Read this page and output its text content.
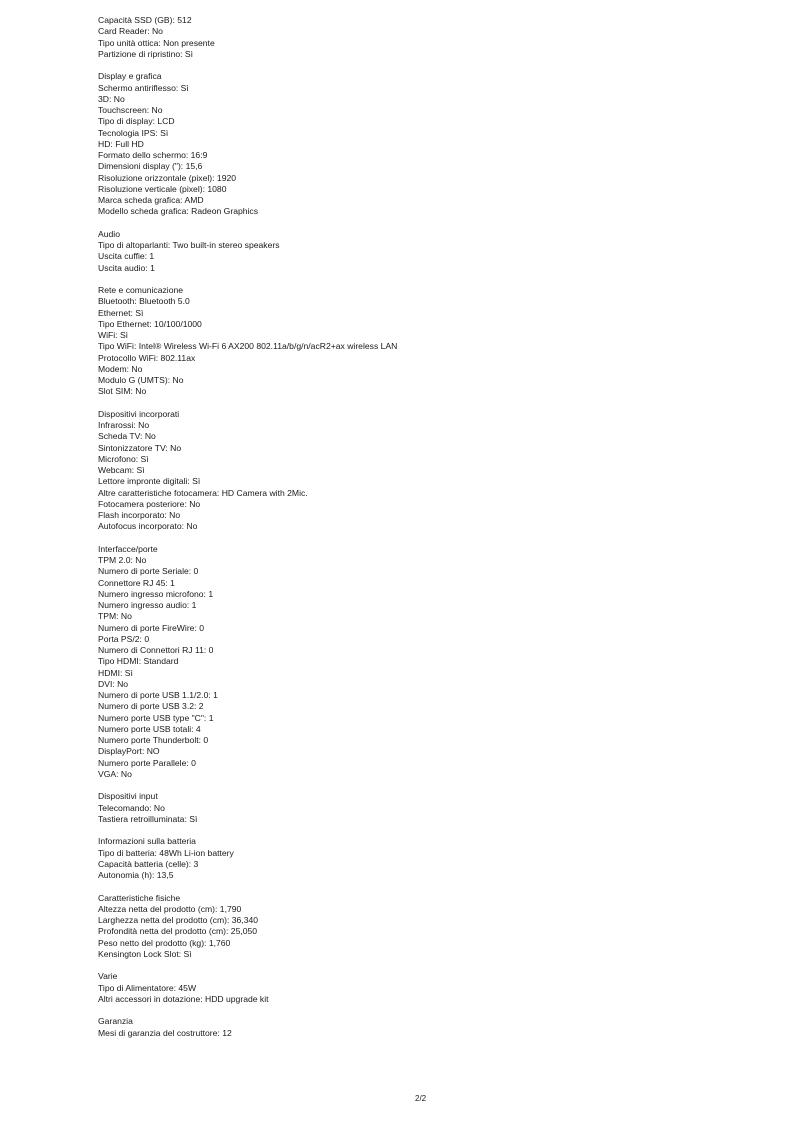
Capacità SSD (GB): 512
Card Reader: No
Tipo unità ottica: Non presente
Partizione di ripristino: Sì
Display e grafica
Schermo antiriflesso: Sì
3D: No
Touchscreen: No
Tipo di display: LCD
Tecnologia IPS: Sì
HD: Full HD
Formato dello schermo: 16:9
Dimensioni display ("): 15,6
Risoluzione orizzontale (pixel): 1920
Risoluzione verticale (pixel): 1080
Marca scheda grafica: AMD
Modello scheda grafica: Radeon Graphics
Audio
Tipo di altoparlanti: Two built-in stereo speakers
Uscita cuffie: 1
Uscita audio: 1
Rete e comunicazione
Bluetooth: Bluetooth 5.0
Ethernet: Sì
Tipo Ethernet: 10/100/1000
WiFi: Sì
Tipo WiFi: Intel® Wireless Wi-Fi 6 AX200 802.11a/b/g/n/acR2+ax wireless LAN
Protocollo WiFi: 802.11ax
Modem: No
Modulo G (UMTS): No
Slot SIM: No
Dispositivi incorporati
Infrarossi: No
Scheda TV: No
Sintonizzatore TV: No
Microfono: Sì
Webcam: Sì
Lettore impronte digitali: Sì
Altre caratteristiche fotocamera: HD Camera with 2Mic.
Fotocamera posteriore: No
Flash incorporato: No
Autofocus incorporato: No
Interfacce/porte
TPM 2.0: No
Numero di porte Seriale: 0
Connettore RJ 45: 1
Numero ingresso microfono: 1
Numero ingresso audio: 1
TPM: No
Numero di porte FireWire: 0
Porta PS/2: 0
Numero di Connettori RJ 11: 0
Tipo HDMI: Standard
HDMI: Sì
DVI: No
Numero di porte USB 1.1/2.0: 1
Numero di porte USB 3.2: 2
Numero porte USB type "C": 1
Numero porte USB totali: 4
Numero porte Thunderbolt: 0
DisplayPort: NO
Numero porte Parallele: 0
VGA: No
Dispositivi input
Telecomando: No
Tastiera retroilluminata: Sì
Informazioni sulla batteria
Tipo di batteria: 48Wh Li-ion battery
Capacità batteria (celle): 3
Autonomia (h): 13,5
Caratteristiche fisiche
Altezza netta del prodotto (cm): 1,790
Larghezza netta del prodotto (cm): 36,340
Profondità netta del prodotto (cm): 25,050
Peso netto del prodotto (kg): 1,760
Kensington Lock Slot: Sì
Varie
Tipo di Alimentatore: 45W
Altri accessori in dotazione: HDD upgrade kit
Garanzia
Mesi di garanzia del costruttore: 12
2/2
